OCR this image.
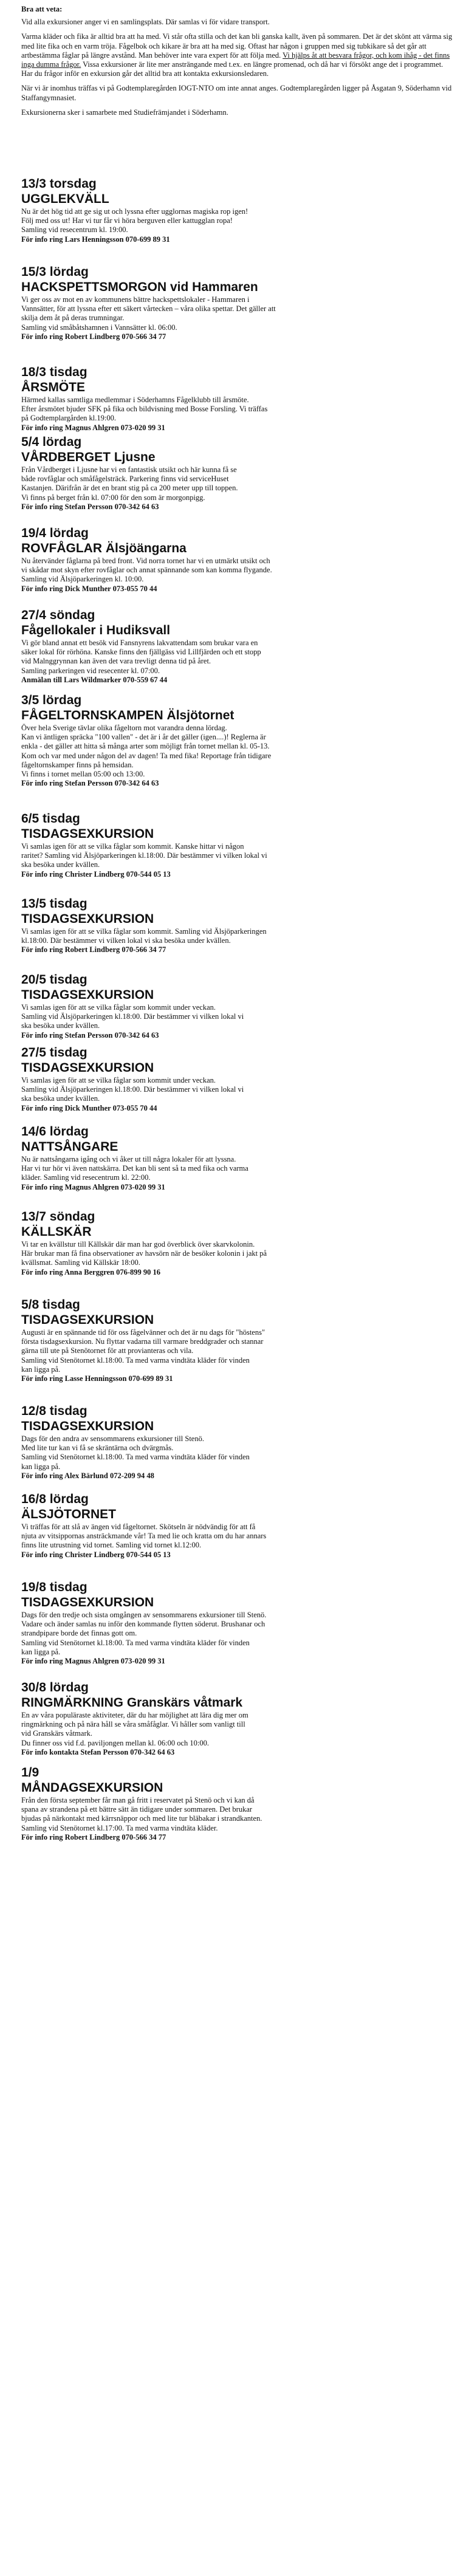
Bra att veta:

Vid alla exkursioner anger vi en samlingsplats. Där samlas vi för vidare transport.

Varma kläder och fika är alltid bra att ha med. Vi står ofta stilla och det kan bli ganska kallt, även på sommaren. Det är det skönt att värma sig med lite fika och en varm tröja. Fågelbok och kikare är bra att ha med sig. Oftast har någon i gruppen med sig tubkikare så det går att artbestämma fåglar på längre avstånd. Man behöver inte vara expert för att följa med. Vi hjälps åt att besvara frågor, och kom ihåg - det finns inga dumma frågor. Vissa exkursioner är lite mer ansträngande med t.ex. en längre promenad, och då har vi försökt ange det i programmet. Har du frågor inför en exkursion går det alltid bra att kontakta exkursionsledaren.

När vi är inomhus träffas vi på Godtemplaregården IOGT-NTO om inte annat anges. Godtemplaregården ligger på Åsgatan 9, Söderhamn vid Staffangymnasiet.

Exkursionerna sker i samarbete med Studiefrämjandet i Söderhamn.

13/3 torsdag
UGGLEKVÄLL
Nu är det hög tid att ge sig ut och lyssna efter ugglornas magiska rop igen!
Följ med oss ut! Har vi tur får vi höra berguven eller kattugglan ropa!
Samling vid resecentrum kl. 19:00.
För info ring Lars Henningsson 070-699 89 31
15/3 lördag
HACKSPETTSMORGON vid Hammaren
Vi ger oss av mot en av kommunens bättre hackspettslokaler - Hammaren i
Vannsätter, för att lyssna efter ett säkert vårtecken – våra olika spettar. Det gäller att
skilja dem åt på deras trumningar.
Samling vid småbåtshamnen i Vannsätter kl. 06:00.
För info ring Robert Lindberg 070-566 34 77
18/3 tisdag
ÅRSMÖTE
Härmed kallas samtliga medlemmar i Söderhamns Fågelklubb till årsmöte.
Efter årsmötet bjuder SFK på fika och bildvisning med Bosse Forsling. Vi träffas
på Godtemplargården kl.19:00.
För info ring Magnus Ahlgren 073-020 99 31
5/4 lördag
VÅRDBERGET Ljusne
Från Vårdberget i Ljusne har vi en fantastisk utsikt och här kunna få se
både rovfåglar och småfågelsträck. Parkering finns vid serviceHuset
Kastanjen. Därifrån är det en brant stig på ca 200 meter upp till toppen.
Vi finns på berget från kl. 07:00 för den som är morgonpigg.
För info ring Stefan Persson 070-342 64 63
19/4 lördag
ROVFÅGLAR Älsjöängarna
Nu återvänder fåglarna på bred front. Vid norra tornet har vi en utmärkt utsikt och
vi skådar mot skyn efter rovfåglar och annat spännande som kan komma flygande.
Samling vid Älsjöparkeringen kl. 10:00.
För info ring Dick Munther 073-055 70 44
27/4 söndag
Fågellokaler i Hudiksvall
Vi gör bland annat ett besök vid Fansnyrens lakvattendam som brukar vara en
säker lokal för rörhöna. Kanske finns den fjällgäss vid Lillfjärden och ett stopp
vid Malnggrynnan kan även det vara trevligt denna tid på året.
Samling parkeringen vid resecenter kl. 07:00.
Anmälan till Lars Wildmarker 070-559 67 44
3/5 lördag
FÅGELTORNSKAMPEN Älsjötornet
Över hela Sverige tävlar olika fågeltorn mot varandra denna lördag.
Kan vi äntligen spräcka "100 vallen" - det är i år det gäller (igen....)! Reglerna är
enkla - det gäller att hitta så många arter som möjligt från tornet mellan kl. 05-13.
Kom och var med under någon del av dagen! Ta med fika! Reportage från tidigare
fågeltornskamper finns på hemsidan.
Vi finns i tornet mellan 05:00 och 13:00.
För info ring Stefan Persson 070-342 64 63
6/5 tisdag
TISDAGSEXKURSION
Vi samlas igen för att se vilka fåglar som kommit. Kanske hittar vi någon
raritet? Samling vid Älsjöparkeringen kl.18:00. Där bestämmer vi vilken lokal vi
ska besöka under kvällen.
För info ring Christer Lindberg 070-544 05 13
13/5 tisdag
TISDAGSEXKURSION
Vi samlas igen för att se vilka fåglar som kommit. Samling vid Älsjöparkeringen
kl.18:00. Där bestämmer vi vilken lokal vi ska besöka under kvällen.
För info ring Robert Lindberg 070-566 34 77
20/5 tisdag
TISDAGSEXKURSION
Vi samlas igen för att se vilka fåglar som kommit under veckan.
Samling vid Älsjöparkeringen kl.18:00. Där bestämmer vi vilken lokal vi
ska besöka under kvällen.
För info ring Stefan Persson 070-342 64 63
27/5 tisdag
TISDAGSEXKURSION
Vi samlas igen för att se vilka fåglar som kommit under veckan.
Samling vid Älsjöparkeringen kl.18:00. Där bestämmer vi vilken lokal vi
ska besöka under kvällen.
För info ring Dick Munther 073-055 70 44
14/6 lördag
NATTSÅNGARE
Nu är nattsångarna igång och vi åker ut till några lokaler för att lyssna.
Har vi tur hör vi även nattskärra. Det kan bli sent så ta med fika och varma
kläder. Samling vid resecentrum kl. 22:00.
För info ring Magnus Ahlgren 073-020 99 31
13/7 söndag
KÄLLSKÄR
Vi tar en kvällstur till Källskär där man har god överblick över skarvkolonin.
Här brukar man få fina observationer av havsörn när de besöker kolonin i jakt på
kvällsmat. Samling vid Källskär 18:00.
För info ring Anna Berggren 076-899 90 16
5/8 tisdag
TISDAGSEXKURSION
Augusti är en spännande tid för oss fågelvänner och det är nu dags för "höstens"
första tisdagsexkursion. Nu flyttar vadarna till varmare breddgrader och stannar
gärna till ute på Stenötornet för att provianteras och vila.
Samling vid Stenötornet kl.18:00. Ta med varma vindtäta kläder för vinden
kan ligga på.
För info ring Lasse Henningsson 070-699 89 31
12/8 tisdag
TISDAGSEXKURSION
Dags för den andra av sensommarens exkursioner till Stenö.
Med lite tur kan vi få se skräntärna och dvärgmås.
Samling vid Stenötornet kl.18:00. Ta med varma vindtäta kläder för vinden
kan ligga på.
För info ring Alex Bärlund 072-209 94 48
16/8 lördag
ÄLSJÖTORNET
Vi träffas för att slå av ängen vid fågeltornet. Skötseln är nödvändig för att få
njuta av vitsippornas ansträckmande vår! Ta med lie och kratta om du har annars
finns lite utrustning vid tornet. Samling vid tornet kl.12:00.
För info ring Christer Lindberg 070-544 05 13
19/8 tisdag
TISDAGSEXKURSION
Dags för den tredje och sista omgången av sensommarens exkursioner till Stenö.
Vadare och änder samlas nu inför den kommande flytten söderut. Brushanar och
strandpipare borde det finnas gott om.
Samling vid Stenötornet kl.18:00. Ta med varma vindtäta kläder för vinden
kan ligga på.
För info ring Magnus Ahlgren 073-020 99 31
30/8 lördag
RINGMÄRKNING Granskärs våtmark
En av våra populäraste aktiviteter, där du har möjlighet att lära dig mer om
ringmärkning och på nära håll se våra småfåglar. Vi håller som vanligt till
vid Granskärs våtmark.
Du finner oss vid f.d. paviljongen mellan kl. 06:00 och 10:00.
För info kontakta Stefan Persson 070-342 64 63
1/9
MÅNDAGSEXKURSION
Från den första september får man gå fritt i reservatet på Stenö och vi kan då
spana av strandena på ett bättre sätt än tidigare under sommaren. Det brukar
bjudas på närkontakt med kärrsnäppor och med lite tur bläbakar i strandkanten.
Samling vid Stenötornet kl.17:00. Ta med varma vindtäta kläder.
För info ring Robert Lindberg 070-566 34 77
